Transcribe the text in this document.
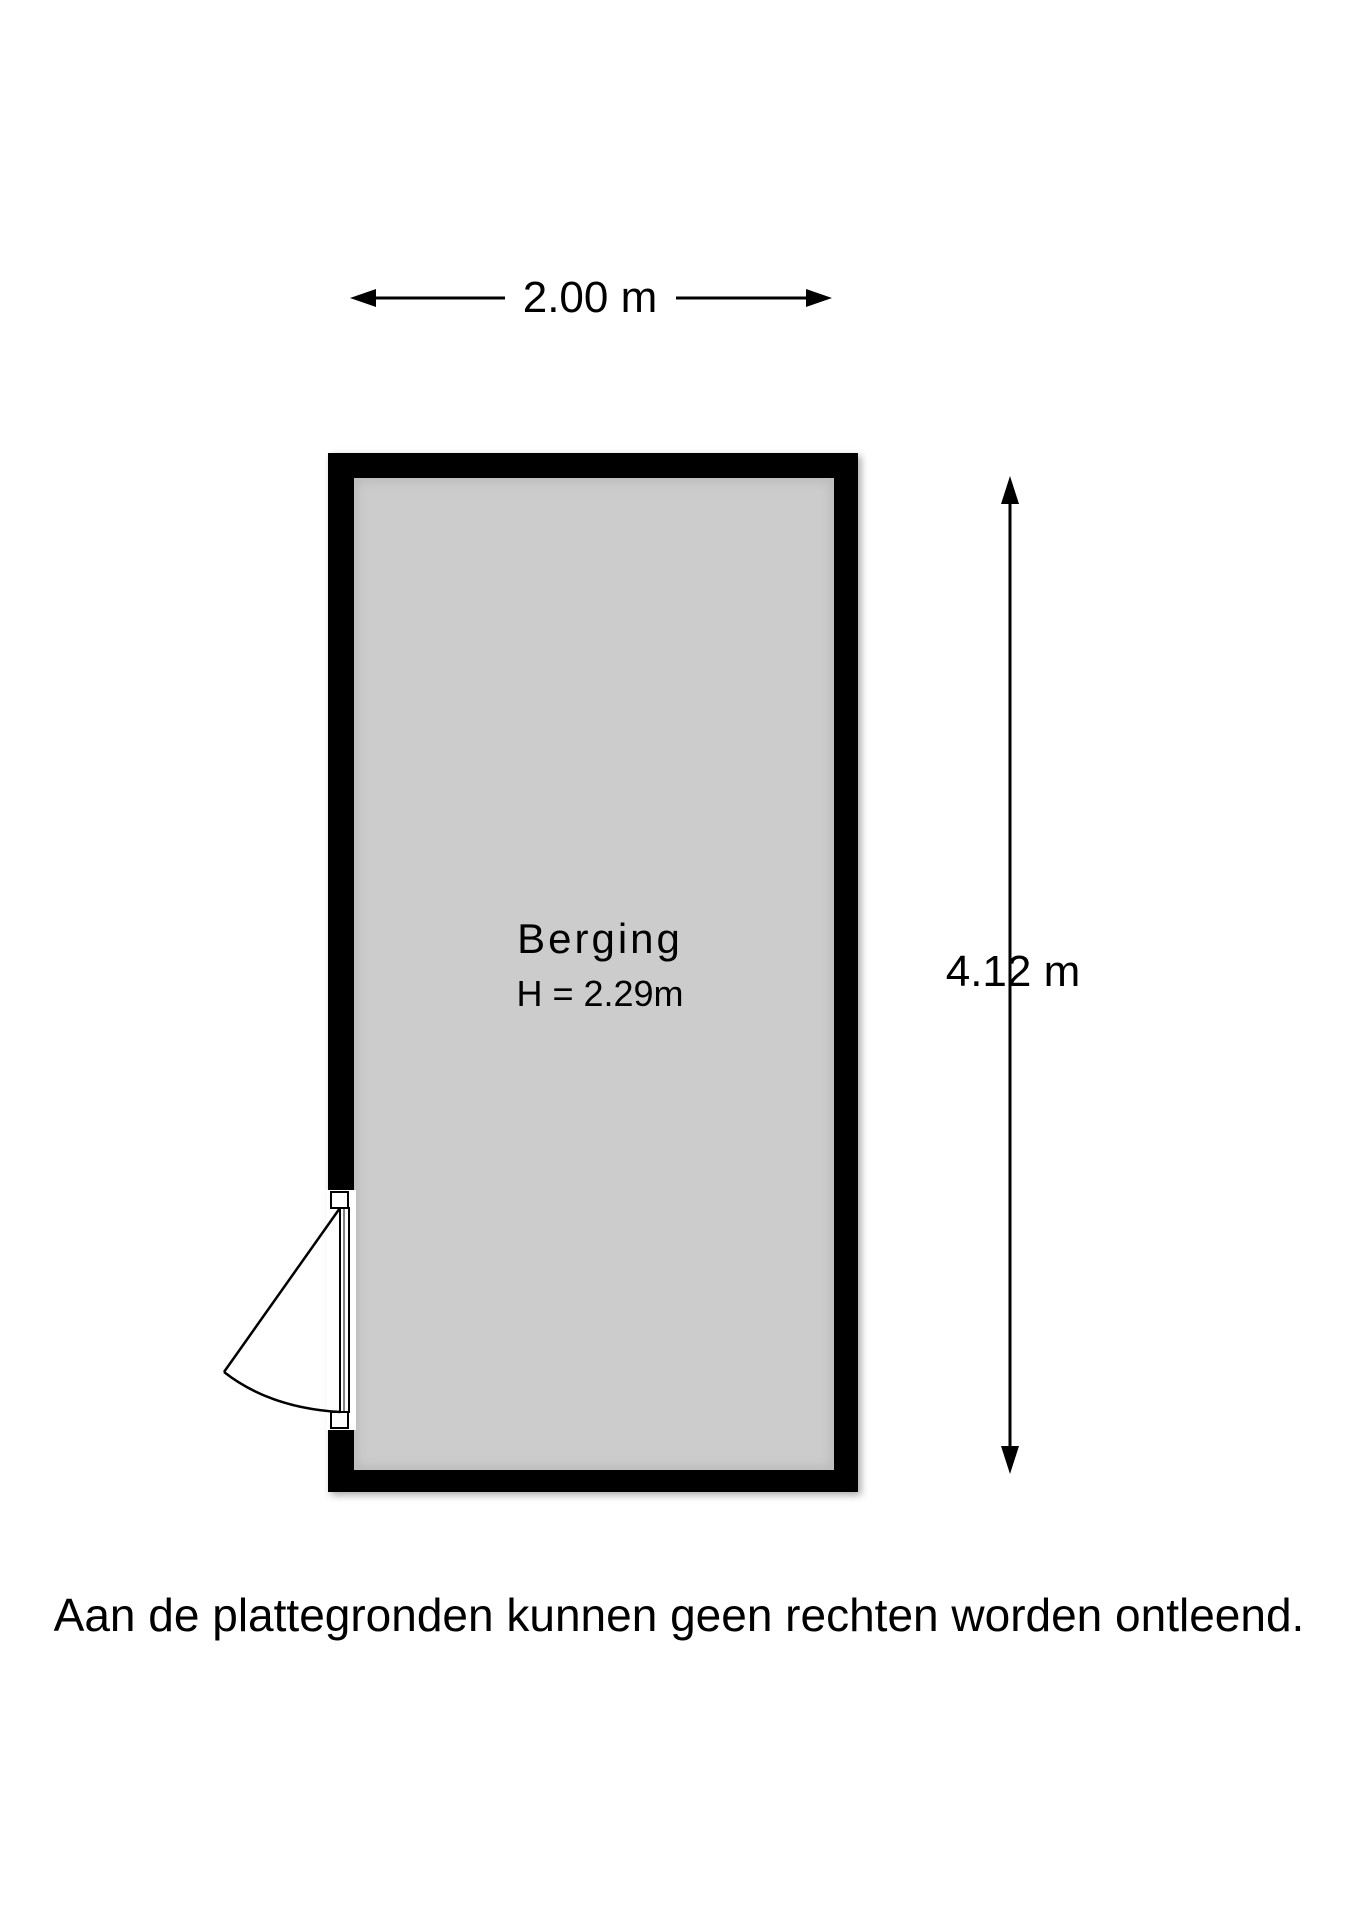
2.00 m
4.12 m
Berging
H = 2.29m
Aan de plattegronden kunnen geen rechten worden ontleend.
